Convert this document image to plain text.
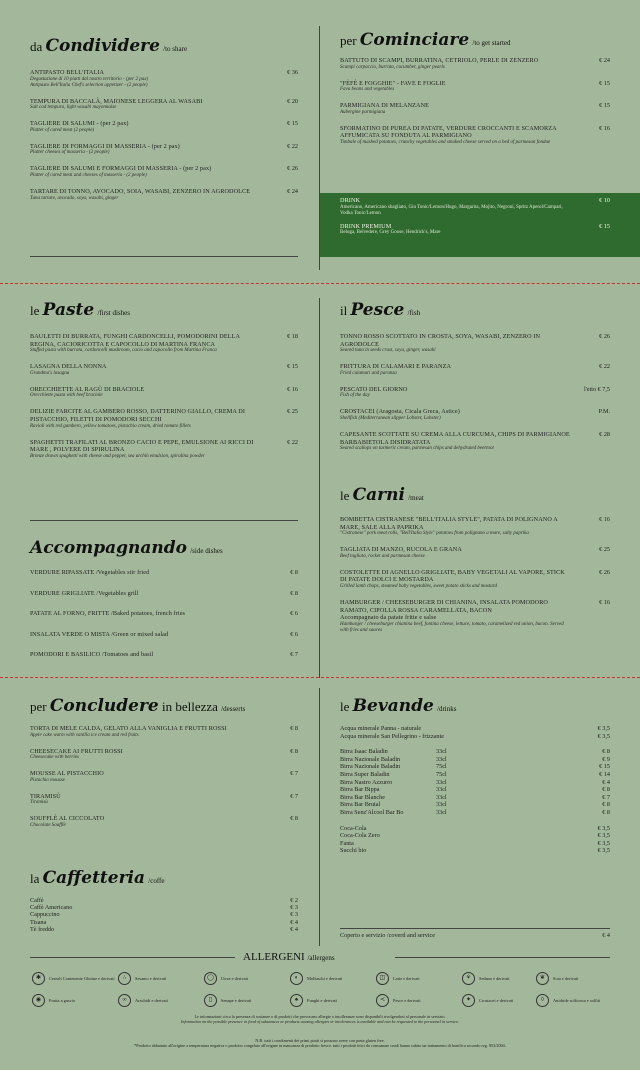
da Condividere /to share
ANTIPASTO BELL'ITALIA
Degustazione di 10 piatti dal nostro territorio - (per 2 pax)
Antipasto Bell'Italia Chef's selection appetizer - (2 people)
€ 36
TEMPURA DI BACCALÀ, MAIONESE LEGGERA AL WASABI
Salt cod tempura, light wasabi mayonnaise
€ 20
TAGLIERE DI SALUMI - (per 2 pax)
Platter of cured meat (2 people)
€ 15
TAGLIERE DI FORMAGGI DI MASSERIA - (per 2 pax)
Platter cheeses of masseria - (2 people)
€ 22
TAGLIERE DI SALUMI E FORMAGGI DI MASSERIA - (per 2 pax)
Platter of cured meat and cheeses of masseria - (2 people)
€ 26
TARTARE DI TONNO, AVOCADO, SOIA, WASABI, ZENZERO IN AGRODOLCE
Tuna tartare, avocado, soya, wasabi, ginger
€ 24
per Cominciare /to get started
BATTUTO DI SCAMPI, BURRATINA, CETRIOLO, PERLE DI ZENZERO
Scampi carpaccio, burrata, cucumber, ginger pearls
€ 24
"FÈFÈ E FOGGHIE" - FAVE E FOGLIE
Fava beans and vegetables
€ 15
PARMIGIANA DI MELANZANE
Aubergine parmigiana
€ 15
SFORMATINO DI PUREA DI PATATE, VERDURE CROCCANTI E SCAMORZA AFFUMICATA SU FONDUTA AL PARMIGIANO
Timbale of mashed potatoes, crunchy vegetables and smoked cheese served on a bed of parmesan fondue
€ 16
DRINK
Americano, Americano sbagliato, Gin Tonic/Lemon/Hugo, Margarita, Mojito, Negroni, Spritz Aperol/Campari, Vodka Tonic/Lemon
€ 10
DRINK PREMIUM
Beluga, Belvedere, Grey Goose, Hendrick's, Mare
€ 15
le Paste /first dishes
BAULETTI DI BURRATA, FUNGHI CARDONCELLI, POMODORINI DELLA REGINA, CACIORICOTTA E CAPOCOLLO DI MARTINA FRANCA
Stuffed pasta with burrata, cardoncelli mushroom, cacio and capocollo from Martina Franca
€ 18
LASAGNA DELLA NONNA
Grandma's lasagna
€ 15
ORECCHIETTE AL RAGÙ DI BRACIOLE
Orecchiette pasta with beef braciole
€ 16
DELIZIE FARCITE AL GAMBERO ROSSO, DATTERINO GIALLO, CREMA DI PISTACCHIO, FILETTI DI POMODORI SECCHI
Ravioli with red gambero, yellow tomatoes, pistachio cream, dried tomato fillets
€ 25
SPAGHETTI TRAFILATI AL BRONZO CACIO E PEPE, EMULSIONE AI RICCI DI MARE , POLVERE DI SPIRULINA
Bronze drawn spaghetti with cheese and pepper, sea urchin emulsion, spirulina powder
€ 22
Accompagnando /side dishes
VERDURE RIPASSATE /Vegetables stir fried	€ 8
VERDURE GRIGLIATE /Vegetables grill	€ 8
PATATE AL FORNO, FRITTE /Baked potatoes, french fries	€ 6
INSALATA VERDE O MISTA /Green or mixed salad	€ 6
POMODORI E BASILICO /Tomatoes and basil	€ 7
il Pesce /fish
TONNO ROSSO SCOTTATO IN CROSTA, SOYA, WASABI, ZENZERO IN AGRODOLCE
Seared tuna in seeds crust, soya, ginger, wasabi
€ 26
FRITTURA DI CALAMARI E PARANZA
Fried calamari and paranza
€ 22
PESCATO DEL GIORNO
Fish of the day
l'etto € 7,5
CROSTACEI (Aragosta, Cicala Greca, Astice)
Shellfish (Mediterranean slipper Lobster, Lobster)
P.M.
CAPESANTE SCOTTATE SU CREMA ALLA CURCUMA, CHIPS DI PARMIGIANOE BARBABIETOLA DISIDRATATA
Seared scallops on turmeric cream, parmesan chips and dehydrated beetroot
€ 28
le Carni /meat
BOMBETTA CISTRANESE "BELL'ITALIA STYLE", PATATA DI POLIGNANO A MARE, SALE ALLA PAPRIKA
"Cistranese" pork meat rolls, "Bell'Italia Style" potatoes from polignano a mare, salty paprika
€ 16
TAGLIATA DI MANZO, RUCOLA E GRANA
Beef tagliata, rocket and parmesan cheese
€ 25
COSTOLETTE DI AGNELLO GRIGLIATE, BABY VEGETALI AL VAPORE, STICK DI PATATE DOLCI E MOSTARDA
Grilled lamb chops, steamed baby vegetables, sweet potato sticks and mustard
€ 26
HAMBURGER / CHEESEBURGER DI CHIANINA, INSALATA POMODORO RAMATO, CIPOLLA ROSSA CARAMELLATA, BACON
Accompagnato da patate fritte e salse
Hamburger / cheeseburger chianina beef, fontina cheese, lettuce, tomato, caramelized red onion, bacon. Served with fries and sauces
€ 16
per Concludere in bellezza /desserts
TORTA DI MELE CALDA, GELATO ALLA VANIGLIA E FRUTTI ROSSI
Apple cake warm with vanilla ice cream and red fruits
€ 8
CHEESECAKE AI FRUTTI ROSSI
Cheesecake with berries
€ 8
MOUSSE AL PISTACCHIO
Pistachio mousse
€ 7
TIRAMISÙ
Tiramisù
€ 7
SOUFFLÈ AL CICCOLATO
Chocolate Soufflè
€ 8
la Caffetteria /coffe
Caffè	€ 2
Caffè Americano	€ 3
Cappuccino	€ 3
Tisana	€ 4
Tè freddo	€ 4
le Bevande /drinks
Acqua minerale Panna - naturale	€ 3,5
Acqua minerale San Pellegrino - frizzante	€ 3,5
Birra Isaac Baladin	33cl	€ 8
Birra Nazionale Baladin	33cl	€ 9
Birra Nazionale Baladin	75cl	€ 15
Birra Super Baladin	75cl	€ 14
Birra Nastro Azzurro	33cl	€ 4
Birra Bar Bippa	33cl	€ 8
Birra Bar Blanche	33cl	€ 7
Birra Bar Brutal	33cl	€ 8
Birra Senz'Alcool Bar Bo	33cl	€ 8
Coca-Cola	€ 3,5
Coca-Cola Zero	€ 3,5
Fanta	€ 3,5
Succhi bio	€ 3,5
Coperto e servizio /coverd and service	€ 4
ALLERGENI /allergens
✱	Cereali Contenente Glutine e derivati	∴	Sesamo e derivati	◯	Uova e derivati	◐	Molluschi e derivati	◫	Latte e derivati	⚘	Sedano e derivati	❦	Soia e derivati
◉	Frutta a guscio	∞	Arachidi e derivati	▯	Senape e derivati	♠	Funghi e derivati	≺	Pesce e derivati	✦	Crostacei e derivati	◊	Anidride solforosa e solfiti
Le informazioni circa la presenza di sostanze o di prodotti che provocano allergie o intolleranze sono disponibili rivolgendosi al personale in servizio.
Information on the possible presence in food of substances or products causing allergies or intolerances is available and can be requested to the personnel in service.
N.B. tutti i condimenti dei primi piatti si possono avere con pasta gluten free.
*Prodotto abbattuto all'origine a temperatura negativa o prodotto congelato all'origine in mancanza di prodotto fresco. tutti i prodotti ittici da consumare crudi hanno subito un trattamento di bonifica secondo reg. 853/2004.
